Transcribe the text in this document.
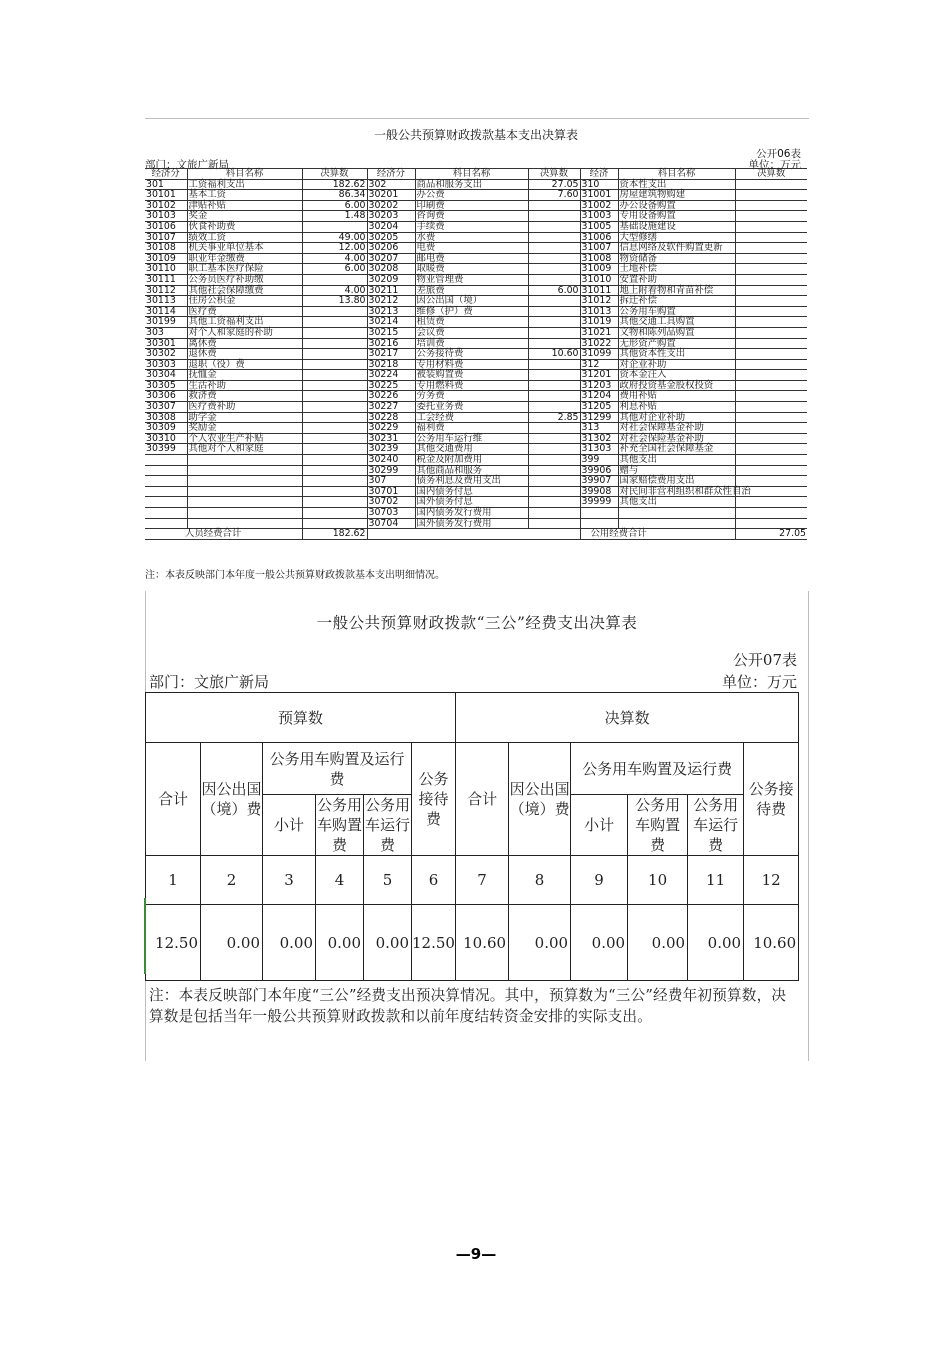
一般公共预算财政拨款基本支出决算表
公开06表
部门：文旅广新局	单位：万元
经济分	科目名称	决算数	经济分	科目名称	决算数	经济	科目名称	决算数
301	工资福利支出	182.62	302	商品和服务支出	27.05	310	资本性支出	
30101	基本工资	86.34	30201	办公费	7.60	31001	房屋建筑物购建	
30102	津贴补贴	6.00	30202	印刷费		31002	办公设备购置	
30103	奖金	1.48	30203	咨询费		31003	专用设备购置	
30106	伙食补助费		30204	手续费		31005	基础设施建设	
30107	绩效工资	49.00	30205	水费		31006	大型修缮	
30108	机关事业单位基本	12.00	30206	电费		31007	信息网络及软件购置更新	
30109	职业年金缴费	4.00	30207	邮电费		31008	物资储备	
30110	职工基本医疗保险	6.00	30208	取暖费		31009	土地补偿	
30111	公务员医疗补助缴		30209	物业管理费		31010	安置补助	
30112	其他社会保障缴费	4.00	30211	差旅费	6.00	31011	地上附着物和青苗补偿	
30113	住房公积金	13.80	30212	因公出国（境）		31012	拆迁补偿	
30114	医疗费		30213	维修（护）费		31013	公务用车购置	
30199	其他工资福利支出		30214	租赁费		31019	其他交通工具购置	
303	对个人和家庭的补助		30215	会议费		31021	文物和陈列品购置	
30301	离休费		30216	培训费		31022	无形资产购置	
30302	退休费		30217	公务接待费	10.60	31099	其他资本性支出	
30303	退职（役）费		30218	专用材料费		312	对企业补助	
30304	抚恤金		30224	被装购置费		31201	资本金注入	
30305	生活补助		30225	专用燃料费		31203	政府投资基金股权投资	
30306	救济费		30226	劳务费		31204	费用补贴	
30307	医疗费补助		30227	委托业务费		31205	利息补贴	
30308	助学金		30228	工会经费	2.85	31299	其他对企业补助	
30309	奖励金		30229	福利费		313	对社会保障基金补助	
30310	个人农业生产补贴		30231	公务用车运行维		31302	对社会保险基金补助	
30399	其他对个人和家庭		30239	其他交通费用		31303	补充全国社会保障基金	
			30240	税金及附加费用		399	其他支出	
			30299	其他商品和服务		39906	赠与	
			307	债务利息及费用支出		39907	国家赔偿费用支出	
			30701	国内债务付息		39908	对民间非营利组织和群众性自治	
			30702	国外债务付息		39999	其他支出	
			30703	国内债务发行费用				
			30704	国外债务发行费用				
人员经费合计		182.62				公用经费合计		27.05
注：本表反映部门本年度一般公共预算财政拨款基本支出明细情况。
一般公共预算财政拨款“三公”经费支出决算表
公开07表
部门：文旅广新局	单位：万元
预算数						决算数					
合计	因公出国（境）费	公务用车购置及运行费			公务接待费	合计	因公出国（境）费	公务用车购置及运行费			公务接待费
		小计	公务用车购置费	公务用车运行费				小计	公务用车购置费	公务用车运行费	
1	2	3	4	5	6	7	8	9	10	11	12
12.50	0.00	0.00	0.00	0.00	12.50	10.60	0.00	0.00	0.00	0.00	10.60
注：本表反映部门本年度“三公”经费支出预决算情况。其中，预算数为“三公”经费年初预算数，决算数是包括当年一般公共预算财政拨款和以前年度结转资金安排的实际支出。
—9—
